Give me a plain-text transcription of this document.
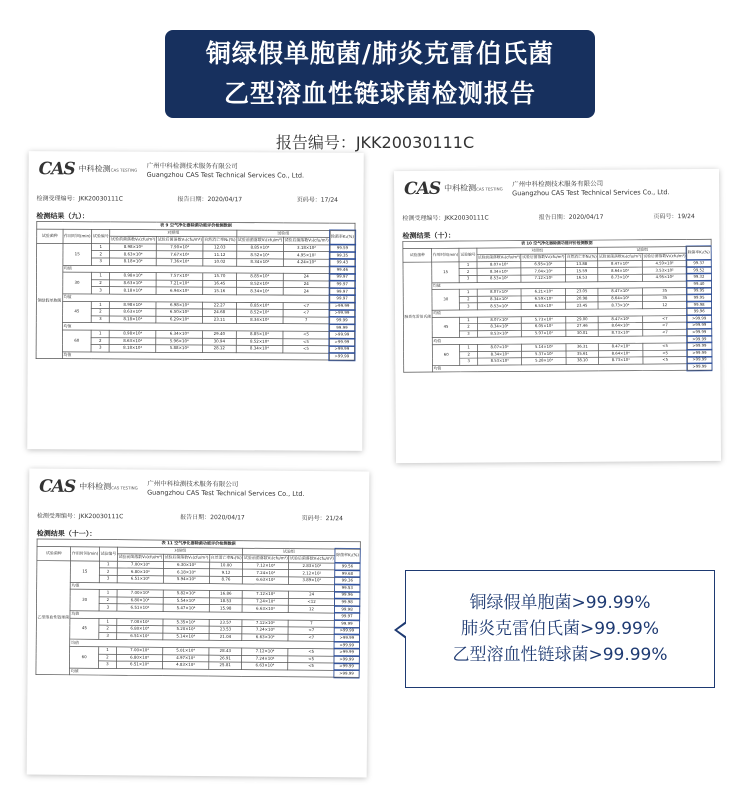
铜绿假单胞菌/肺炎克雷伯氏菌
乙型溶血性链球菌检测报告
报告编号：JKK20030111C
CAS 中科检测 CAS TESTING 广州中科检测技术服务有限公司
Guangzhou CAS Test Technical Services Co., Ltd.
检测受理编号：JKK20030111C	报告日期：2020/04/17	页码号：17/24
检测结果（九）：
表 9 空气净化器除菌功能评价检测数据								
试验菌种	作用时间(min)	试验编号	对照组			试验组		除菌率K₁(%)
			试验前菌落数V₀(cfu/m³)	试验后菌落数V₁(cfu/m³)	自然消亡率N₁(%)	试验前菌落数V₂(cfu/m³)	试验后菌落数V₃(cfu/m³)	
铜绿假单胞菌	15	1	8.98×10⁴	7.90×10⁴	12.03	8.85×10⁴	3.18×10²	99.59
		2	8.63×10⁴	7.67×10⁴	11.12	8.52×10⁴	4.95×10²	99.35
		3	8.18×10⁴	7.36×10⁴	10.02	8.34×10⁴	4.24×10²	99.43
	均值							99.46
	30	1	8.98×10⁴	7.57×10⁴	15.70	8.85×10⁴	24	99.97
		2	8.63×10⁴	7.21×10⁴	16.45	8.52×10⁴	24	99.97
		3	8.18×10⁴	6.94×10⁴	15.16	8.34×10⁴	24	99.97
	均值							99.97
	45	1	8.98×10⁴	6.98×10⁴	22.27	8.85×10⁴	<7	>99.99
		2	8.63×10⁴	6.50×10⁴	24.68	8.52×10⁴	<7	>99.99
		3	8.18×10⁴	6.29×10⁴	23.11	8.34×10⁴	7	99.99
	均值							99.99
	60	1	8.98×10⁴	6.34×10⁴	29.40	8.85×10⁴	<5	>99.99
		2	8.63×10⁴	5.96×10⁴	30.94	8.52×10⁴	<5	>99.99
		3	8.18×10⁴	5.88×10⁴	28.12	8.34×10⁴	<5	>99.99
	均值							>99.99
CAS 中科检测 CAS TESTING
广州中科检测技术服务有限公司
Guangzhou CAS Test Technical Services Co., Ltd.
检测受理编号：JKK20030111C	报告日期：2020/04/17	页码号：19/24
检测结果（十）：
表 10 空气净化器除菌功能评价检测数据								
试验菌种	作用时间(min)	试验编号	对照组			试验组		除菌率K₁(%)
			试验前菌落数V₀(cfu/m³)	试验后菌落数V₁(cfu/m³)	自然消亡率N₁(%)	试验前菌落数V₂(cfu/m³)	试验后菌落数V₃(cfu/m³)	
肺炎克雷伯氏菌	15	1	8.07×10⁴	6.95×10⁴	13.88	8.47×10⁴	4.59×10²	99.37
		2	8.34×10⁴	7.04×10⁴	15.59	8.64×10⁴	3.53×10²	99.52
		3	8.53×10⁴	7.12×10⁴	16.53	8.73×10⁴	4.95×10²	99.32
	均值							99.40
	30	1	8.07×10⁴	6.21×10⁴	23.05	8.47×10⁴	35	99.95
		2	8.34×10⁴	6.59×10⁴	20.98	8.64×10⁴	35	99.95
		3	8.53×10⁴	6.53×10⁴	23.45	8.73×10⁴	12	99.98
	均值							99.96
	45	1	8.07×10⁴	5.73×10⁴	29.00	8.47×10⁴	<7	>99.99
		2	8.34×10⁴	6.05×10⁴	27.46	8.64×10⁴	<7	>99.99
		3	8.53×10⁴	5.97×10⁴	30.01	8.73×10⁴	<7	>99.99
	均值							>99.99
	60	1	8.07×10⁴	5.14×10⁴	36.31	8.47×10⁴	<5	>99.99
		2	8.34×10⁴	5.37×10⁴	35.61	8.64×10⁴	<5	>99.99
		3	8.53×10⁴	5.28×10⁴	38.10	8.73×10⁴	<5	>99.99
	均值							>99.99
CAS 中科检测 CAS TESTING 广州中科检测技术服务有限公司
Guangzhou CAS Test Technical Services Co., Ltd.
检测受理编号：JKK20030111C	报告日期：2020/04/17	页码号：21/24
检测结果（十一）：
表 11 空气净化器除菌功能评价检测数据								
试验菌种	作用时间(min)	试验编号	对照组			试验组		除菌率K₁(%)
			试验前菌落数V₀(cfu/m³)	试验后菌落数V₁(cfu/m³)	自然消亡率N₁(%)	试验前菌落数V₂(cfu/m³)	试验后菌落数V₃(cfu/m³)	
乙型溶血性链球菌	15	1	7.00×10⁴	6.30×10⁴	10.00	7.12×10⁴	2.83×10²	99.56
		2	6.80×10⁴	6.18×10⁴	9.12	7.24×10⁴	2.12×10²	99.68
		3	6.51×10⁴	5.94×10⁴	8.76	6.63×10⁴	3.89×10²	99.36
	均值							99.53
	30	1	7.00×10⁴	5.82×10⁴	16.86	7.12×10⁴	24	99.96
		2	6.80×10⁴	5.54×10⁴	18.53	7.24×10⁴	<12	99.98
		3	6.51×10⁴	5.47×10⁴	15.98	6.63×10⁴	12	99.98
	均值							99.97
	45	1	7.00×10⁴	5.35×10⁴	23.57	7.12×10⁴	7	99.99
		2	6.80×10⁴	5.20×10⁴	23.53	7.24×10⁴	<7	>99.99
		3	6.51×10⁴	5.14×10⁴	21.04	6.63×10⁴	<7	>99.99
	均值							>99.99
	60	1	7.00×10⁴	5.01×10⁴	28.43	7.12×10⁴	<5	>99.99
		2	6.80×10⁴	4.97×10⁴	26.91	7.24×10⁴	<5	>99.99
		3	6.51×10⁴	4.83×10⁴	25.81	6.63×10⁴	<5	>99.99
	均值							>99.99
铜绿假单胞菌>99.99%
肺炎克雷伯氏菌>99.99%
乙型溶血性链球菌>99.99%
